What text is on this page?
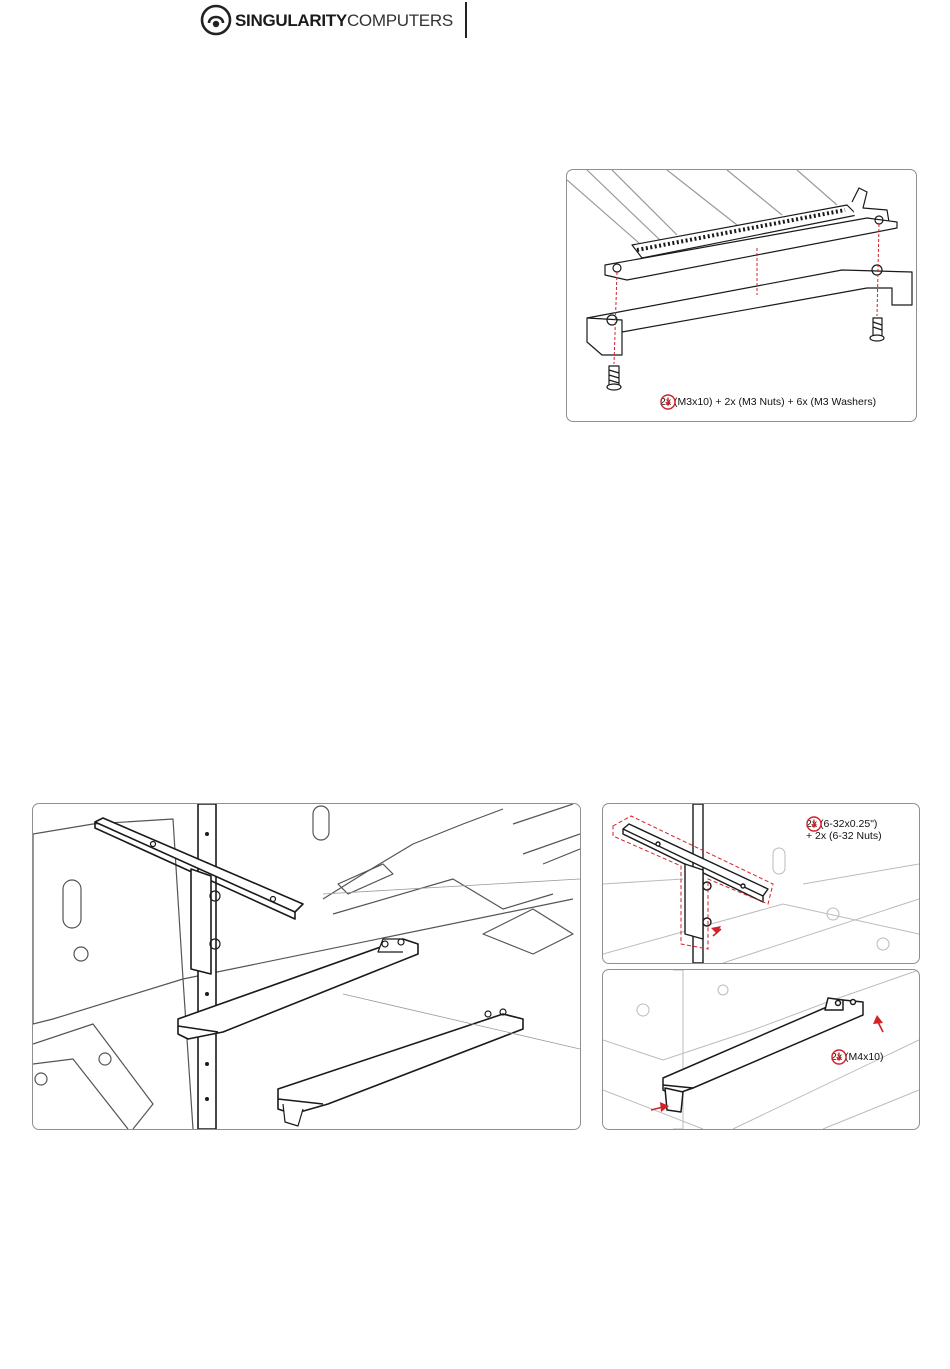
SINGULARITYCOMPUTERS
2x (M3x10) + 2x (M3 Nuts) + 6x (M3 Washers)
2x (6-32x0.25")
+ 2x (6-32 Nuts)
2x (M4x10)
